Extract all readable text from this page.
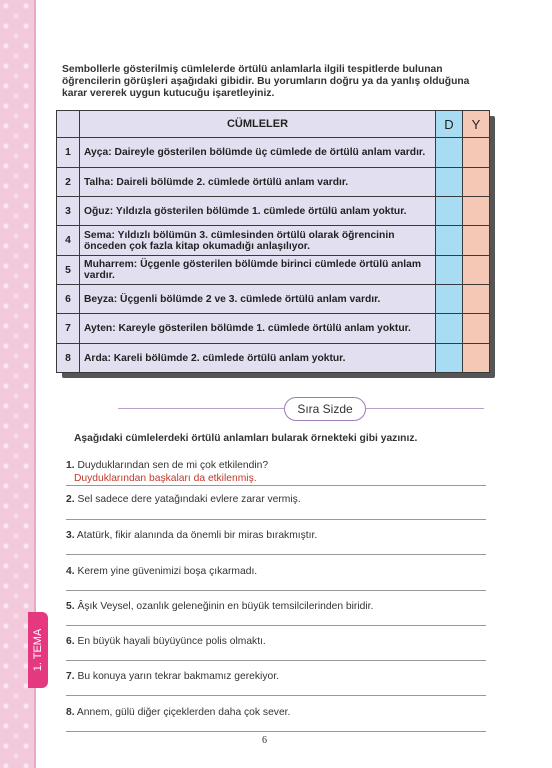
1. TEMA
Sembollerle gösterilmiş cümlelerde örtülü anlamlarla ilgili tespitlerde bulunan öğrencilerin görüşleri aşağıdaki gibidir. Bu yorumların doğru ya da yanlış olduğuna karar vererek uygun kutucuğu işaretleyiniz.
	CÜMLELER	D	Y
1	Ayça: Daireyle gösterilen bölümde üç cümlede de örtülü anlam vardır.		
2	Talha: Daireli bölümde 2. cümlede örtülü anlam vardır.		
3	Oğuz: Yıldızla gösterilen bölümde 1. cümlede örtülü anlam yoktur.		
4	Sema: Yıldızlı bölümün 3. cümlesinden örtülü olarak öğrencinin önceden çok fazla kitap okumadığı anlaşılıyor.		
5	Muharrem: Üçgenle gösterilen bölümde birinci cümlede örtülü anlam vardır.		
6	Beyza: Üçgenli bölümde 2 ve 3. cümlede örtülü anlam vardır.		
7	Ayten: Kareyle gösterilen bölümde 1. cümlede örtülü anlam yoktur.		
8	Arda: Kareli bölümde 2. cümlede örtülü anlam yoktur.		
Sıra Sizde
Aşağıdaki cümlelerdeki örtülü anlamları bularak örnekteki gibi yazınız.
1. Duyduklarından sen de mi çok etkilendin?
Duyduklarından başkaları da etkilenmiş.
2. Sel sadece dere yatağındaki evlere zarar vermiş.
3. Atatürk, fikir alanında da önemli bir miras bırakmıştır.
4. Kerem yine güvenimizi boşa çıkarmadı.
5. Âşık Veysel, ozanlık geleneğinin en büyük temsilcilerinden biridir.
6. En büyük hayali büyüyünce polis olmaktı.
7. Bu konuya yarın tekrar bakmamız gerekiyor.
8. Annem, gülü diğer çiçeklerden daha çok sever.
6
